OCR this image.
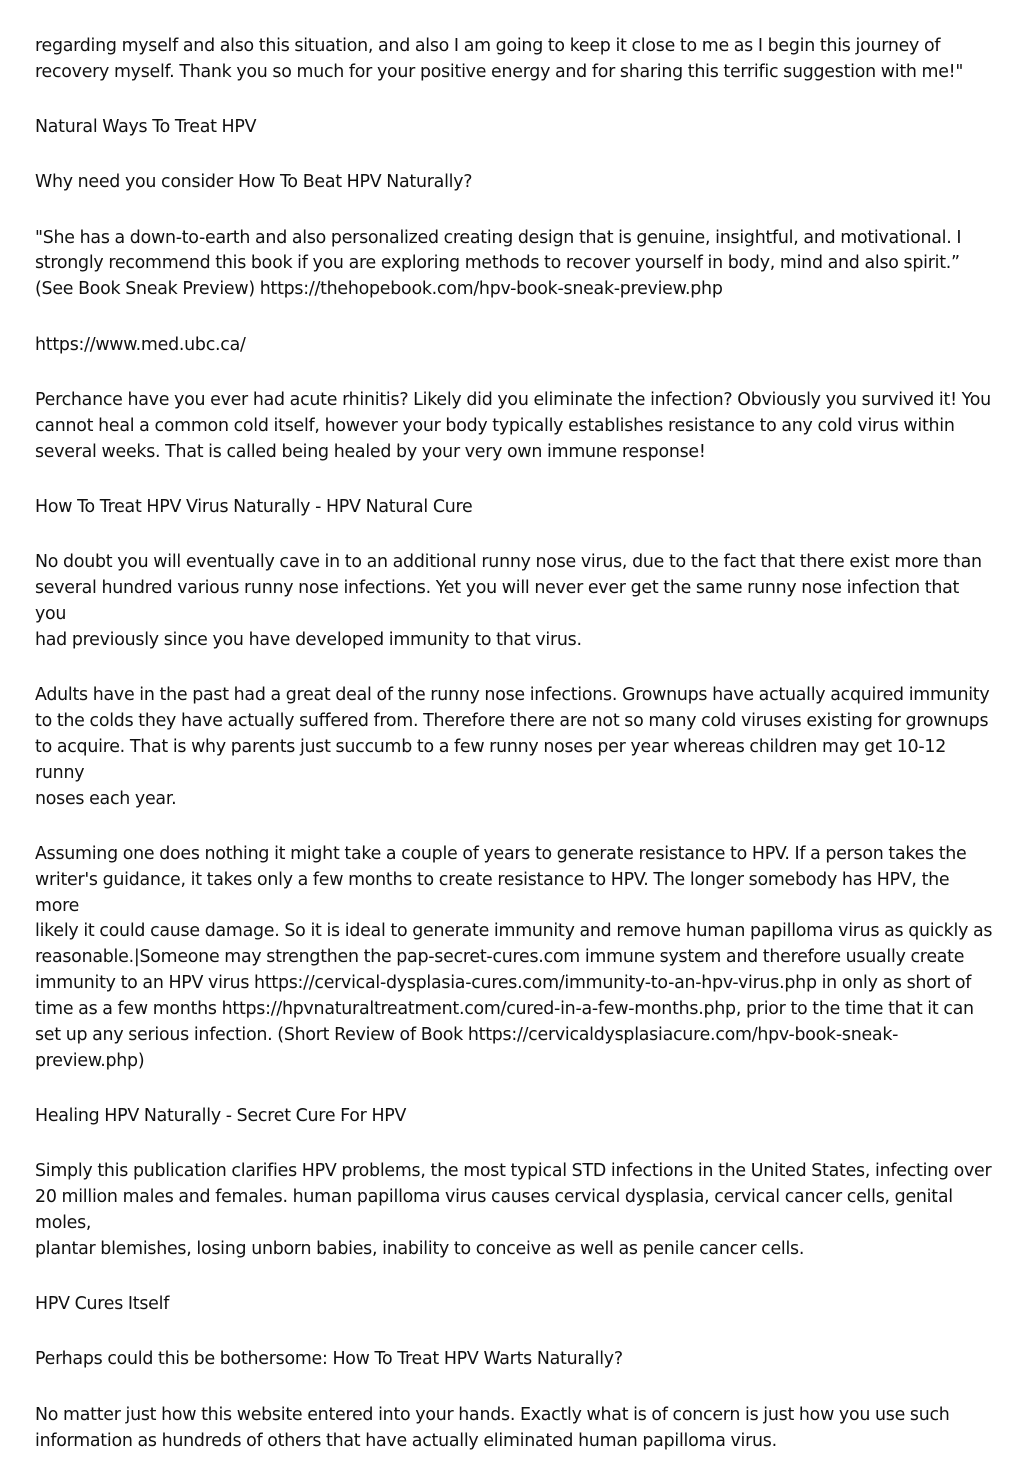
regarding myself and also this situation, and also I am going to keep it close to me as I begin this journey of
recovery myself. Thank you so much for your positive energy and for sharing this terrific suggestion with me!"

Natural Ways To Treat HPV

Why need you consider How To Beat HPV Naturally?

"She has a down-to-earth and also personalized creating design that is genuine, insightful, and motivational. I
strongly recommend this book if you are exploring methods to recover yourself in body, mind and also spirit.”
(See Book Sneak Preview) https://thehopebook.com/hpv-book-sneak-preview.php

https://www.med.ubc.ca/

Perchance have you ever had acute rhinitis? Likely did you eliminate the infection? Obviously you survived it! You
cannot heal a common cold itself, however your body typically establishes resistance to any cold virus within
several weeks. That is called being healed by your very own immune response!

How To Treat HPV Virus Naturally - HPV Natural Cure

No doubt you will eventually cave in to an additional runny nose virus, due to the fact that there exist more than
several hundred various runny nose infections. Yet you will never ever get the same runny nose infection that you
had previously since you have developed immunity to that virus.

Adults have in the past had a great deal of the runny nose infections. Grownups have actually acquired immunity
to the colds they have actually suffered from. Therefore there are not so many cold viruses existing for grownups
to acquire. That is why parents just succumb to a few runny noses per year whereas children may get 10-12 runny
noses each year.

Assuming one does nothing it might take a couple of years to generate resistance to HPV. If a person takes the
writer's guidance, it takes only a few months to create resistance to HPV. The longer somebody has HPV, the more
likely it could cause damage. So it is ideal to generate immunity and remove human papilloma virus as quickly as
reasonable.|Someone may strengthen the pap-secret-cures.com immune system and therefore usually create
immunity to an HPV virus https://cervical-dysplasia-cures.com/immunity-to-an-hpv-virus.php in only as short of
time as a few months https://hpvnaturaltreatment.com/cured-in-a-few-months.php, prior to the time that it can
set up any serious infection. (Short Review of Book https://cervicaldysplasiacure.com/hpv-book-sneak-
preview.php)

Healing HPV Naturally - Secret Cure For HPV

Simply this publication clarifies HPV problems, the most typical STD infections in the United States, infecting over
20 million males and females. human papilloma virus causes cervical dysplasia, cervical cancer cells, genital moles,
plantar blemishes, losing unborn babies, inability to conceive as well as penile cancer cells.

HPV Cures Itself

Perhaps could this be bothersome: How To Treat HPV Warts Naturally?

No matter just how this website entered into your hands. Exactly what is of concern is just how you use such
information as hundreds of others that have actually eliminated human papilloma virus.
